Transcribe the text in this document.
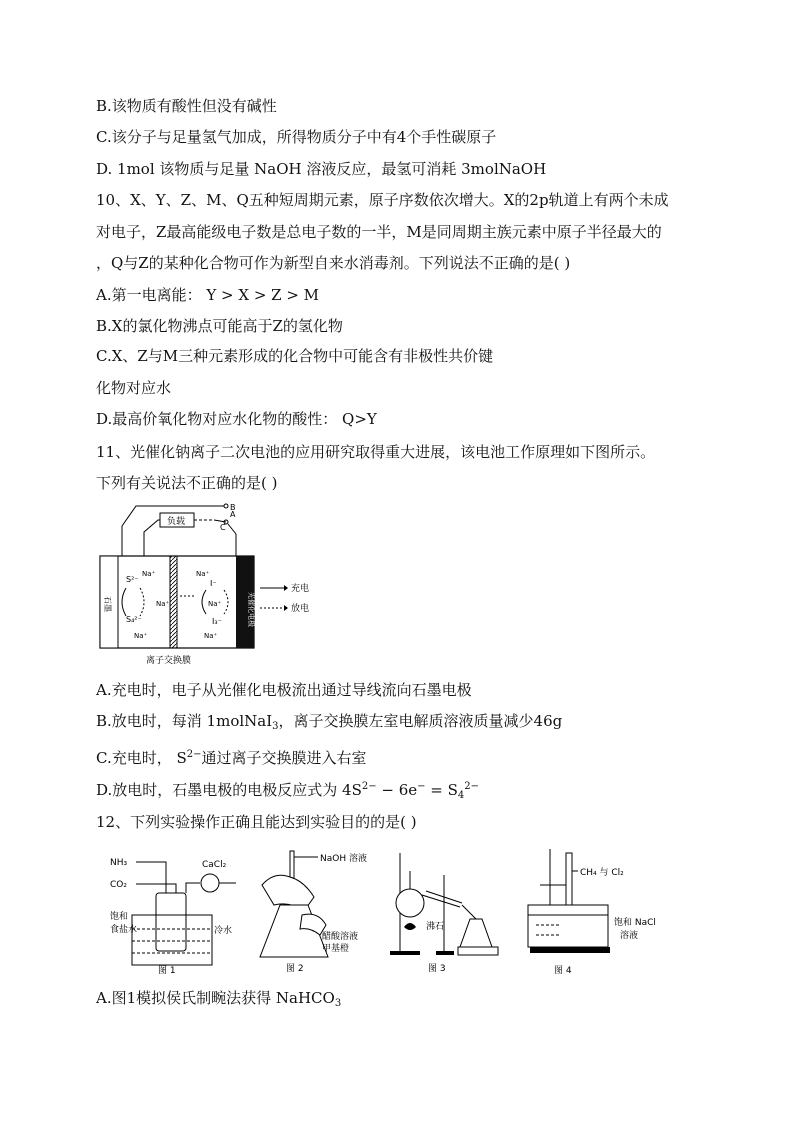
B.该物质有酸性但没有碱性
C.该分子与足量氢气加成，所得物质分子中有4个手性碳原子
D. 1mol 该物质与足量 NaOH 溶液反应，最氢可消耗 3molNaOH
10、X、Y、Z、M、Q五种短周期元素，原子序数依次增大。X的2p轨道上有两个未成
对电子，Z最高能级电子数是总电子数的一半，M是同周期主族元素中原子半径最大的
，Q与Z的某种化合物可作为新型自来水消毒剂。下列说法不正确的是( )
A.第一电离能： Y > X > Z > M
B.X的氯化物沸点可能高于Z的氢化物
C.X、Z与M三种元素形成的化合物中可能含有非极性共价键
化物对应水
D.最高价氧化物对应水化物的酸性： Q>Y
11、光催化钠离子二次电池的应用研究取得重大进展，该电池工作原理如下图所示。
下列有关说法不正确的是( )
负载
B
A
C
石墨	光催化电极
S²⁻
Na⁺
Na⁺
S₄²⁻
Na⁺
Na⁺
I⁻
Na⁺
I₃⁻
Na⁺
充电
放电
离子交换膜
A.充电时，电子从光催化电极流出通过导线流向石墨电极
B.放电时，每消 1molNaI$_3$，离子交换膜左室电解质溶液质量减少46g
C.充电时， $S^{2-}$通过离子交换膜进入右室
D.放电时，石墨电极的电极反应式为 $4S^{2-} - 6e^- = S_4^{2-}$
12、下列实验操作正确且能达到实验目的的是( )
NH₃
CO₂
CaCl₂
饱和
食盐水	冷水
图 1
NaOH 溶液
醋酸溶液
甲基橙
图 2
沸石
图 3
CH₄ 与 Cl₂
饱和 NaCl
溶液
图 4
A.图1模拟侯氏制畹法获得 NaHCO$_3$
